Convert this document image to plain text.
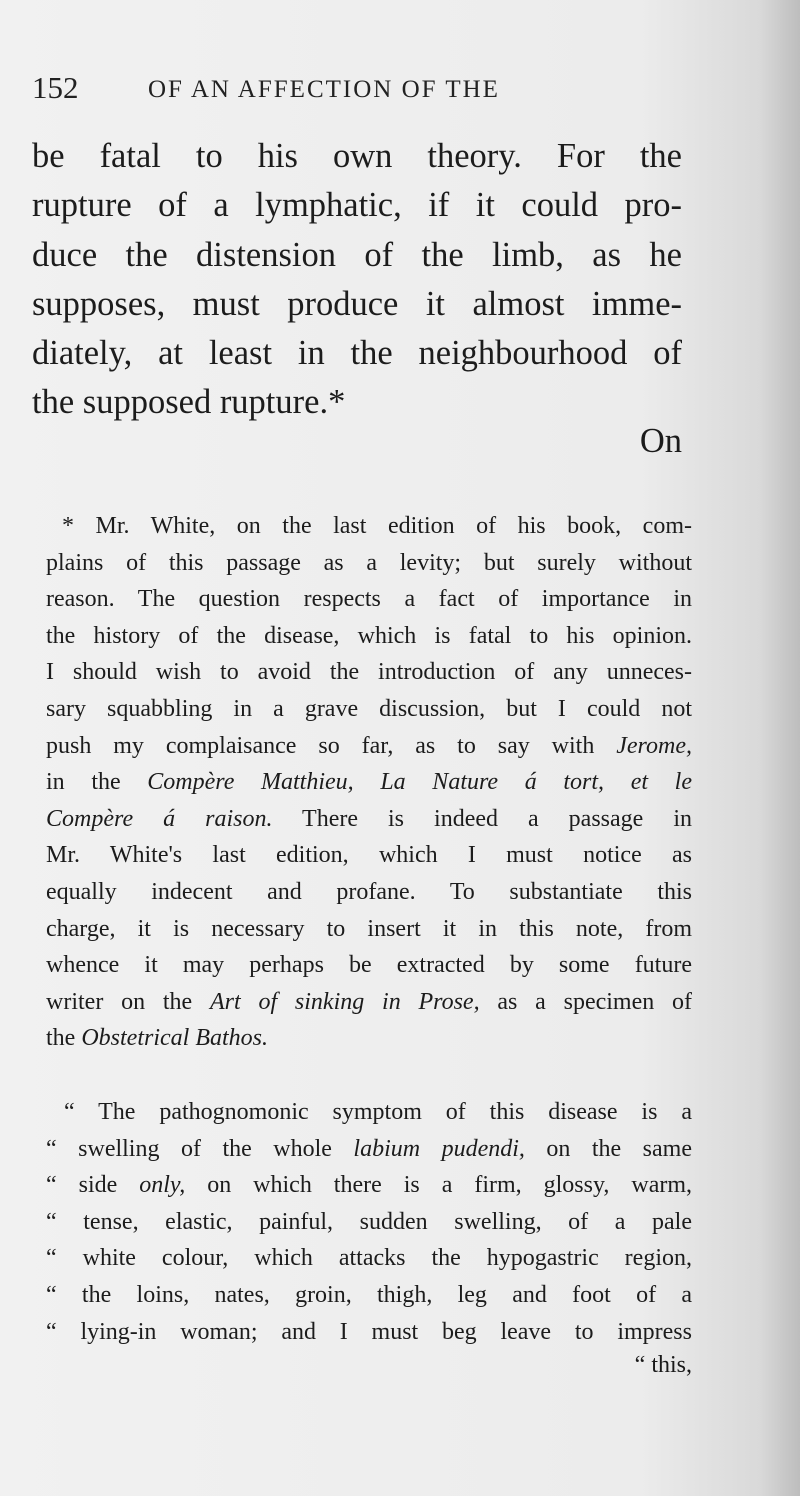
152	OF AN AFFECTION OF THE
be fatal to his own theory. For the
rupture of a lymphatic, if it could pro-
duce the distension of the limb, as he
supposes, must produce it almost imme-
diately, at least in the neighbourhood of
the supposed rupture.*
On
* Mr. White, on the last edition of his book, com-
plains of this passage as a levity; but surely without
reason. The question respects a fact of importance in
the history of the disease, which is fatal to his opinion.
I should wish to avoid the introduction of any unneces-
sary squabbling in a grave discussion, but I could not
push my complaisance so far, as to say with Jerome,
in the Compère Matthieu, La Nature á tort, et le
Compère á raison. There is indeed a passage in
Mr. White's last edition, which I must notice as
equally indecent and profane. To substantiate this
charge, it is necessary to insert it in this note, from
whence it may perhaps be extracted by some future
writer on the Art of sinking in Prose, as a specimen of
the Obstetrical Bathos.
“ The pathognomonic symptom of this disease is a
“ swelling of the whole labium pudendi, on the same
“ side only, on which there is a firm, glossy, warm,
“ tense, elastic, painful, sudden swelling, of a pale
“ white colour, which attacks the hypogastric region,
“ the loins, nates, groin, thigh, leg and foot of a
“ lying-in woman; and I must beg leave to impress
“ this,
